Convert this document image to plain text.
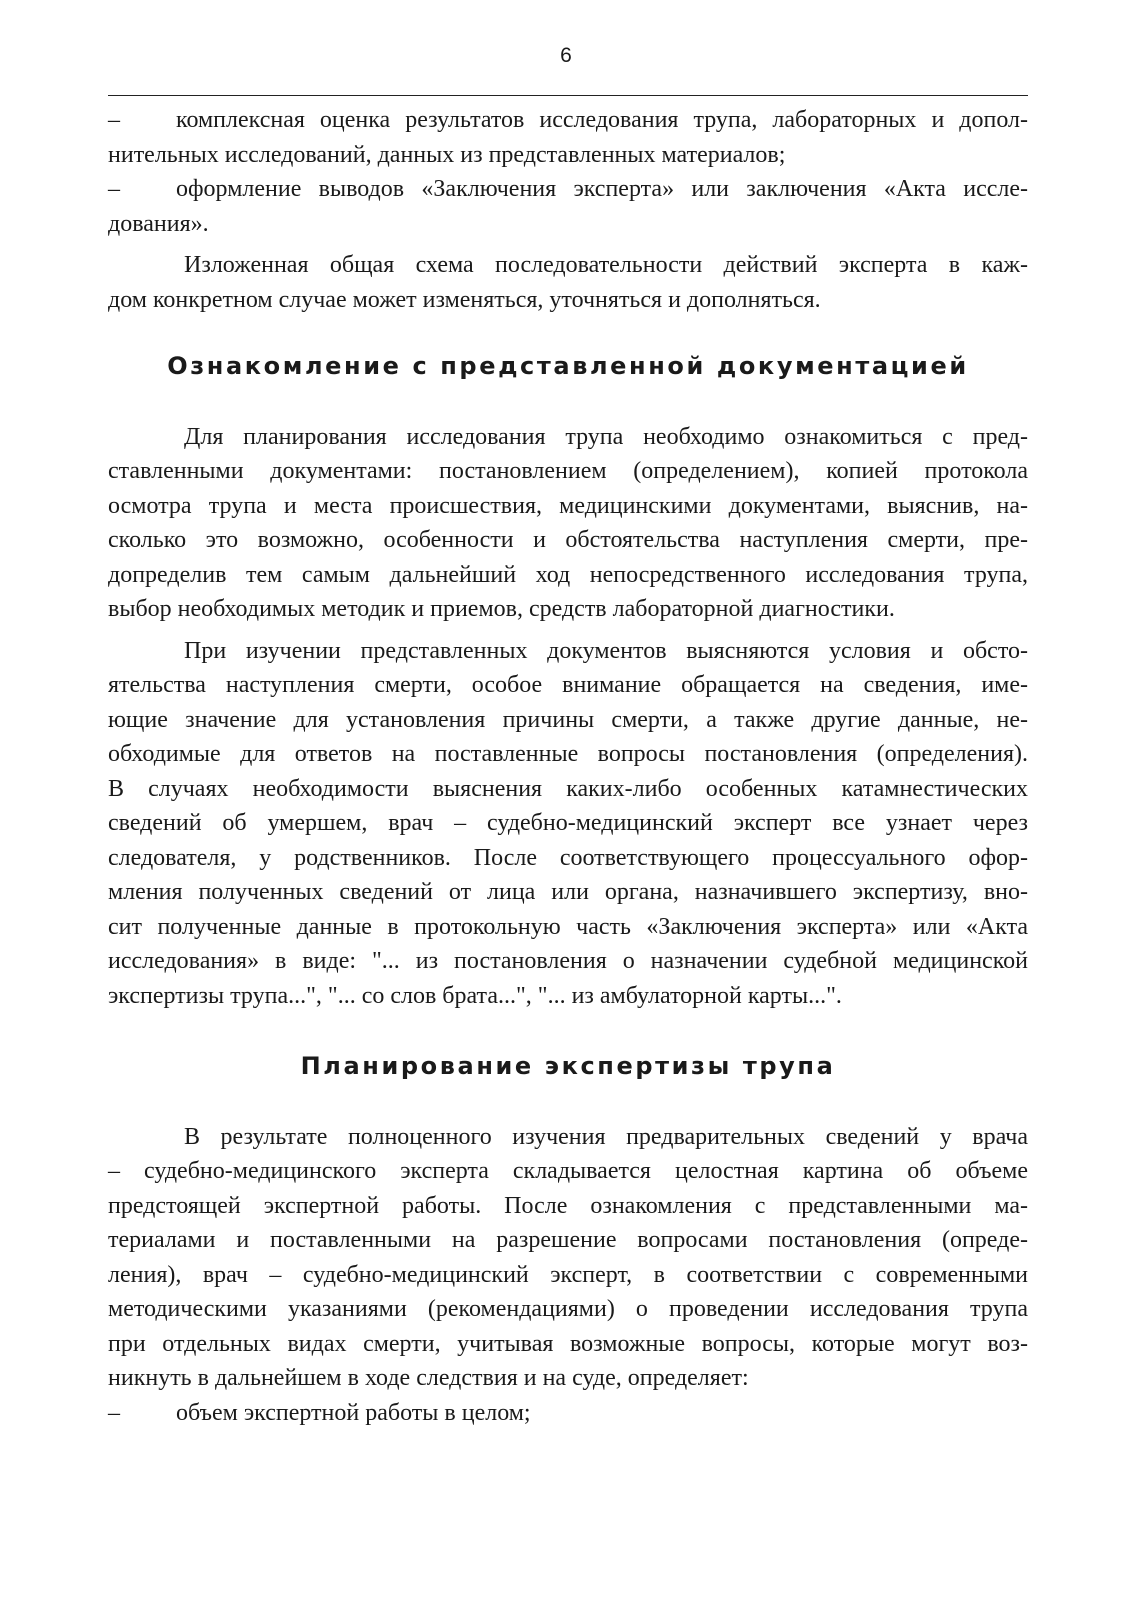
6
–	комплексная оценка результатов исследования трупа, лабораторных и допол-
нительных исследований, данных из представленных материалов;
–	оформление выводов «Заключения эксперта» или заключения «Акта иссле-
дования».
Изложенная общая схема последовательности действий эксперта в каж-
дом конкретном случае может изменяться, уточняться и дополняться.
Ознакомление с представленной документацией
Для планирования исследования трупа необходимо ознакомиться с пред-
ставленными документами: постановлением (определением), копией протокола
осмотра трупа и места происшествия, медицинскими документами, выяснив, на-
сколько это возможно, особенности и обстоятельства наступления смерти, пре-
допределив тем самым дальнейший ход непосредственного исследования трупа,
выбор необходимых методик и приемов, средств лабораторной диагностики.
При изучении представленных документов выясняются условия и обсто-
ятельства наступления смерти, особое внимание обращается на сведения, име-
ющие значение для установления причины смерти, а также другие данные, не-
обходимые для ответов на поставленные вопросы постановления (определения).
В случаях необходимости выяснения каких-либо особенных катамнестических
сведений об умершем, врач – судебно-медицинский эксперт все узнает через
следователя, у родственников. После соответствующего процессуального офор-
мления полученных сведений от лица или органа, назначившего экспертизу, вно-
сит полученные данные в протокольную часть «Заключения эксперта» или «Акта
исследования» в виде: "... из постановления о назначении судебной медицинской
экспертизы трупа...", "... со слов брата...", "... из амбулаторной карты...".
Планирование экспертизы трупа
В результате полноценного изучения предварительных сведений у врача
– судебно-медицинского эксперта складывается целостная картина об объеме
предстоящей экспертной работы. После ознакомления с представленными ма-
териалами и поставленными на разрешение вопросами постановления (опреде-
ления), врач – судебно-медицинский эксперт, в соответствии с современными
методическими указаниями (рекомендациями) о проведении исследования трупа
при отдельных видах смерти, учитывая возможные вопросы, которые могут воз-
никнуть в дальнейшем в ходе следствия и на суде, определяет:
–	объем экспертной работы в целом;
